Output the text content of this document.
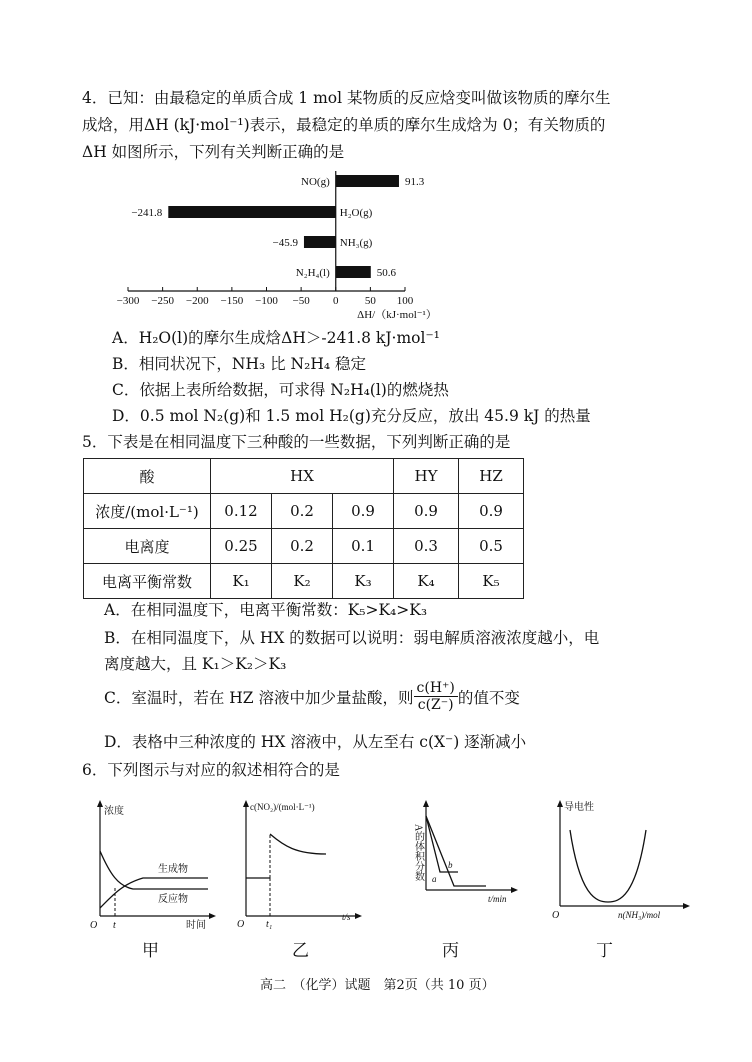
4．已知：由最稳定的单质合成 1 mol 某物质的反应焓变叫做该物质的摩尔生
成焓，用ΔH (kJ·mol⁻¹)表示，最稳定的单质的摩尔生成焓为 0；有关物质的
ΔH 如图所示，下列有关判断正确的是
−300 −250 −200 −150 −100 −50 0 50 100
ΔH/（kJ·mol⁻¹）
NO(g)	91.3
H₂O(g)
−241.8
NH₃(g)
−45.9
N₂H₄(l)	50.6
A．H₂O(l)的摩尔生成焓ΔH＞-241.8 kJ·mol⁻¹
B．相同状况下，NH₃ 比 N₂H₄ 稳定
C．依据上表所给数据，可求得 N₂H₄(l)的燃烧热
D．0.5 mol N₂(g)和 1.5 mol H₂(g)充分反应，放出 45.9 kJ 的热量
5．下表是在相同温度下三种酸的一些数据，下列判断正确的是
酸	HX			HY	HZ
浓度/(mol·L⁻¹)	0.12	0.2	0.9	0.9	0.9
电离度	0.25	0.2	0.1	0.3	0.5
电离平衡常数	K₁	K₂	K₃	K₄	K₅
A．在相同温度下，电离平衡常数：K₅>K₄>K₃
B．在相同温度下，从 HX 的数据可以说明：弱电解质溶液浓度越小，电
离度越大，且 K₁＞K₂＞K₃
C．室温时，若在 HZ 溶液中加少量盐酸，则 $\frac{c(H^+)}{c(Z^-)}$ 的值不变
D．表格中三种浓度的 HX 溶液中，从左至右 c(X⁻) 逐渐减小
6．下列图示与对应的叙述相符合的是
浓度
生成物
反应物
时间
O t
c(NO₂)/(mol·L⁻¹)
t/s
O t₁
A的体积分数 a
b
t/min
导电性
O	n(NH₃)/mol
甲	乙	丙	丁
高二　（化学）试题　第2页（共 10 页）
